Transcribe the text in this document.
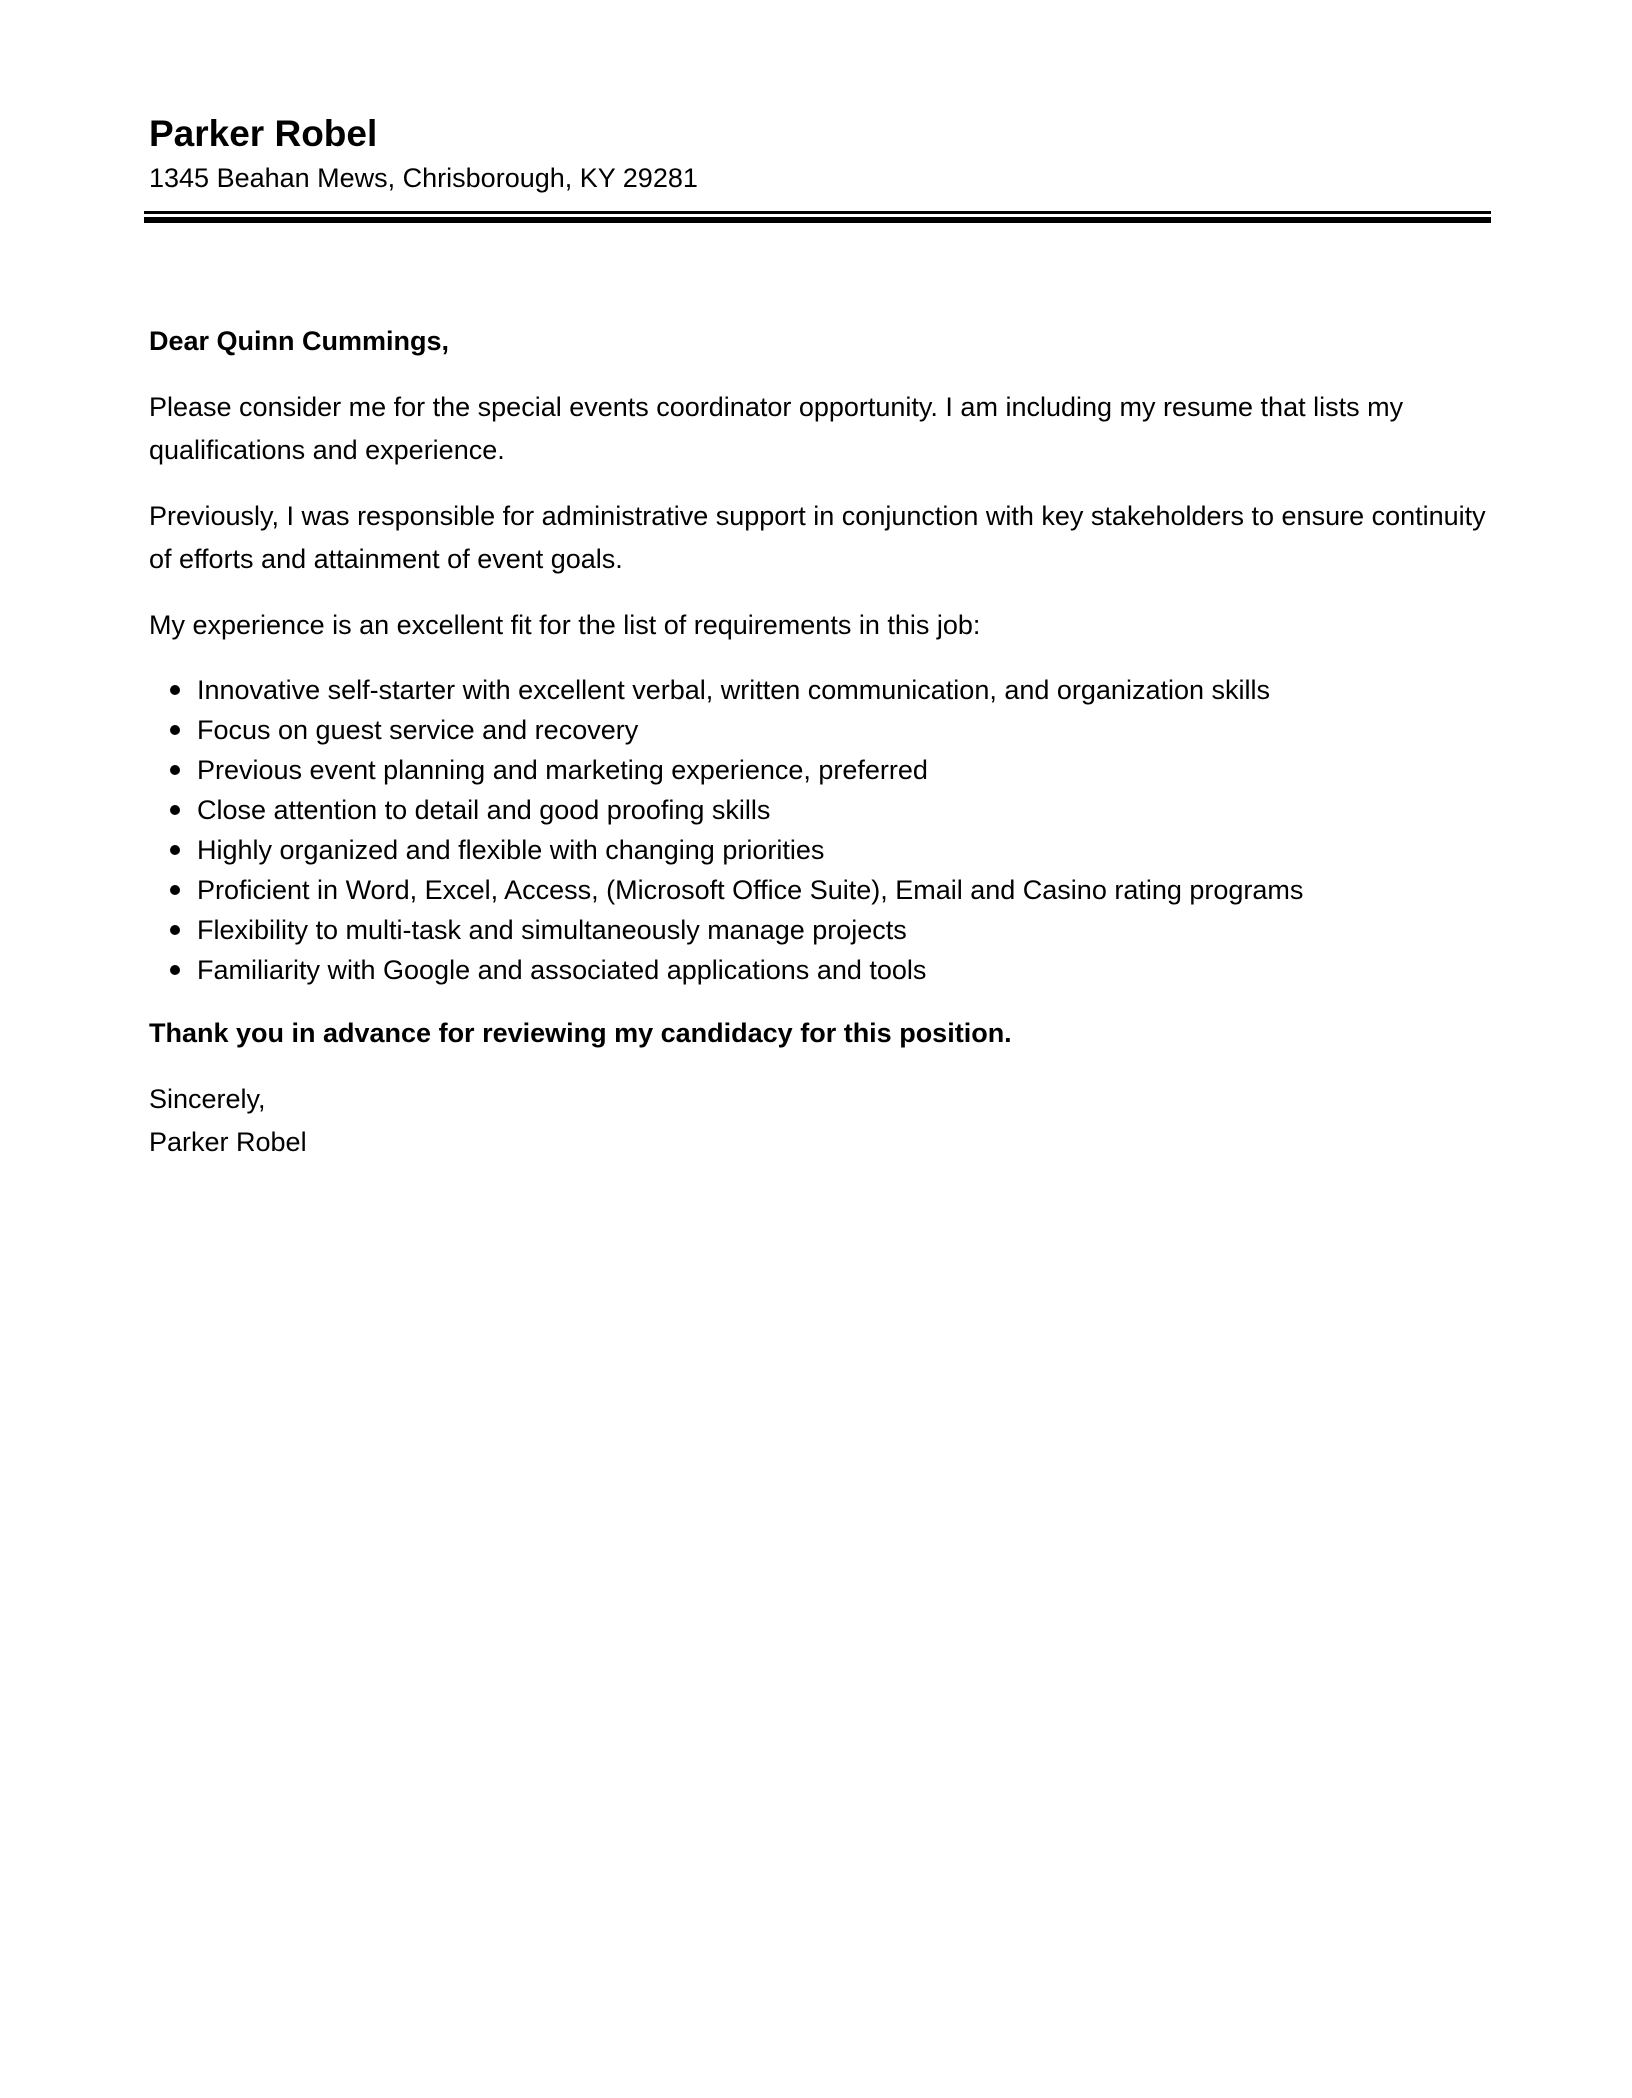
Parker Robel
1345 Beahan Mews, Chrisborough, KY 29281

Dear Quinn Cummings,

Please consider me for the special events coordinator opportunity. I am including my resume that lists my qualifications and experience.

Previously, I was responsible for administrative support in conjunction with key stakeholders to ensure continuity of efforts and attainment of event goals.

My experience is an excellent fit for the list of requirements in this job:

Innovative self-starter with excellent verbal, written communication, and organization skills
Focus on guest service and recovery
Previous event planning and marketing experience, preferred
Close attention to detail and good proofing skills
Highly organized and flexible with changing priorities
Proficient in Word, Excel, Access, (Microsoft Office Suite), Email and Casino rating programs
Flexibility to multi-task and simultaneously manage projects
Familiarity with Google and associated applications and tools

Thank you in advance for reviewing my candidacy for this position.

Sincerely,
Parker Robel
